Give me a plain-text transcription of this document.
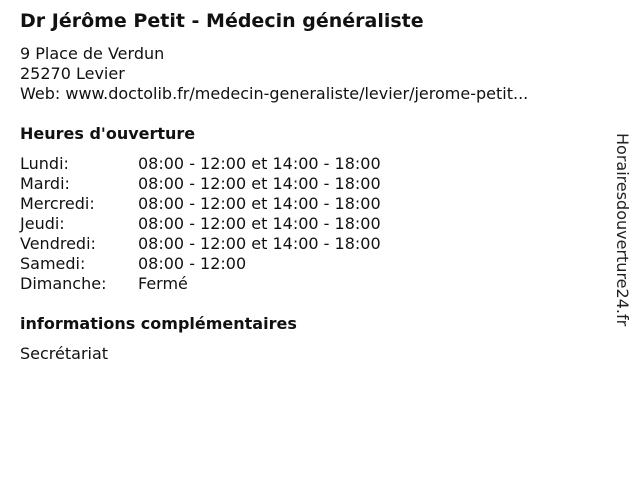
Dr Jérôme Petit - Médecin généraliste
9 Place de Verdun
25270 Levier
Web: www.doctolib.fr/medecin-generaliste/levier/jerome-petit...
Heures d'ouverture
Lundi:	08:00 - 12:00 et 14:00 - 18:00
Mardi:	08:00 - 12:00 et 14:00 - 18:00
Mercredi:	08:00 - 12:00 et 14:00 - 18:00
Jeudi:	08:00 - 12:00 et 14:00 - 18:00
Vendredi:	08:00 - 12:00 et 14:00 - 18:00
Samedi:	08:00 - 12:00
Dimanche: Fermé
informations complémentaires
Secrétariat
Horairesdouverture24.fr
